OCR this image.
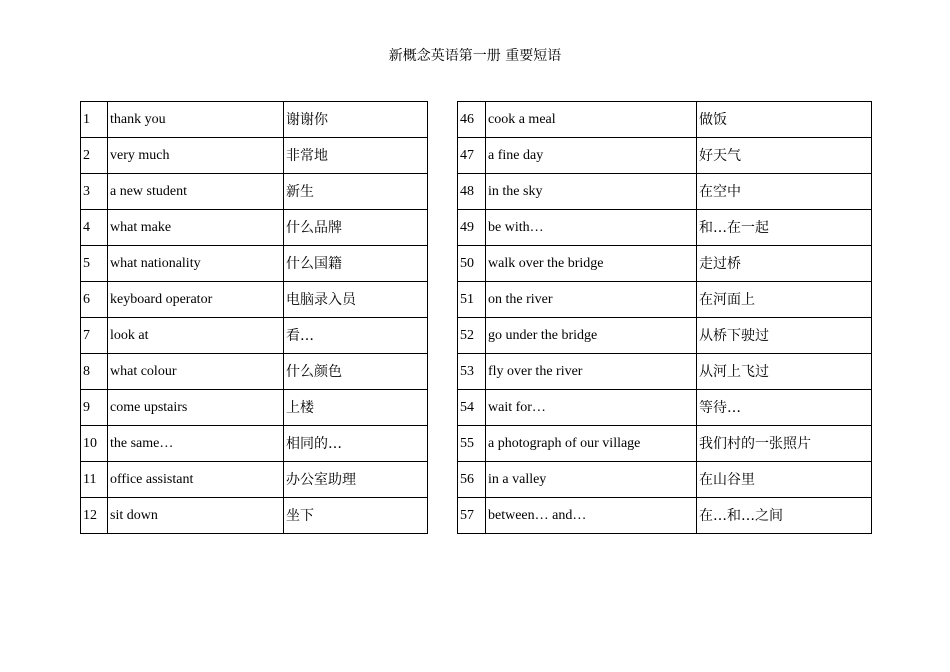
新概念英语第一册 重要短语
1	thank you	谢谢你
2	very much	非常地
3	a new student	新生
4	what make	什么品牌
5	what nationality	什么国籍
6	keyboard operator	电脑录入员
7	look at	看…
8	what colour	什么颜色
9	come upstairs	上楼
10	the same…	相同的…
11	office assistant	办公室助理
12	sit down	坐下
46	cook a meal	做饭
47	a fine day	好天气
48	in the sky	在空中
49	be with…	和…在一起
50	walk over the bridge	走过桥
51	on the river	在河面上
52	go under the bridge	从桥下驶过
53	fly over the river	从河上飞过
54	wait for…	等待…
55	a photograph of our village	我们村的一张照片
56	in a valley	在山谷里
57	between… and…	在…和…之间
